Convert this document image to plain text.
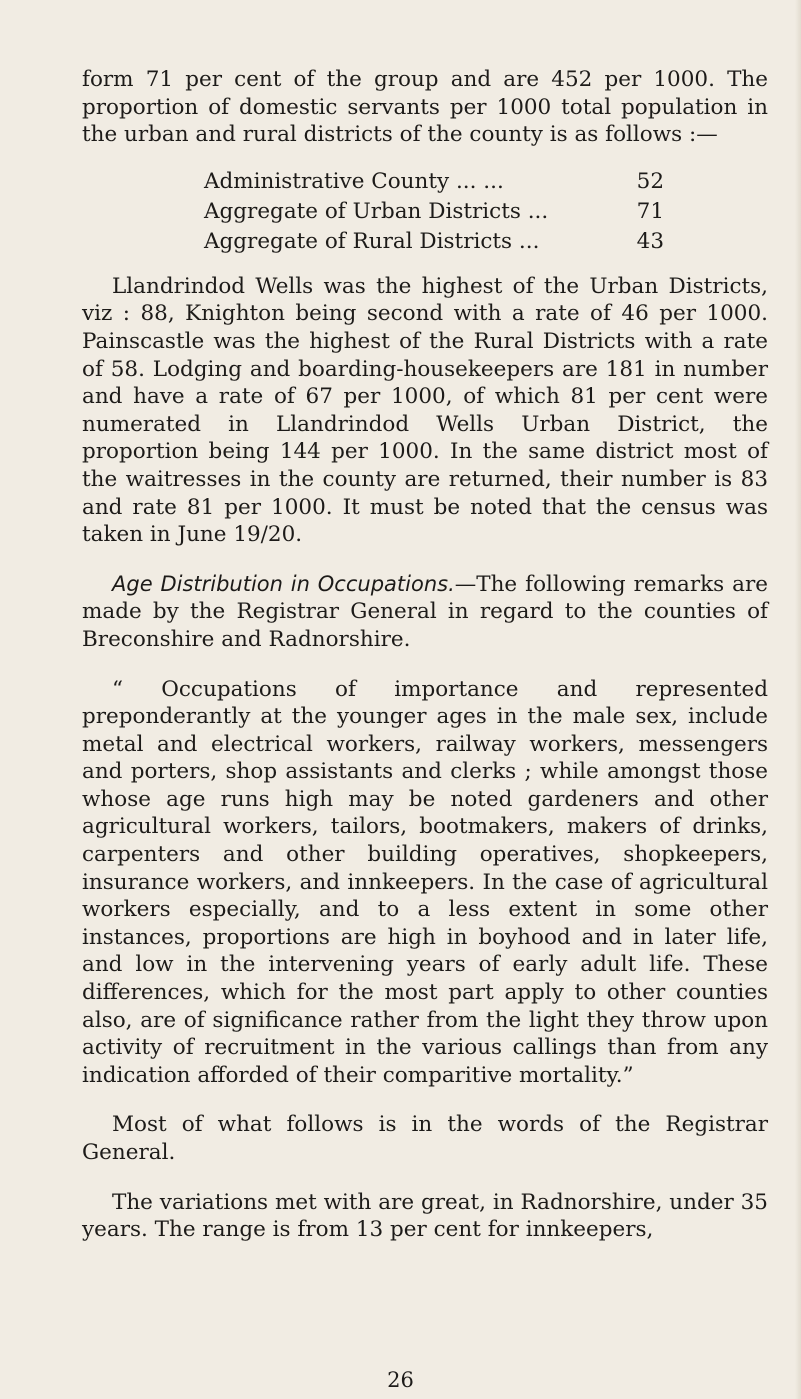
form 71 per cent of the group and are 452 per 1000. The proportion of domestic servants per 1000 total population in the urban and rural districts of the county is as follows :—

Administrative County ... ...	52
Aggregate of Urban Districts ...	71
Aggregate of Rural Districts ...	43

Llandrindod Wells was the highest of the Urban Districts, viz : 88, Knighton being second with a rate of 46 per 1000. Painscastle was the highest of the Rural Districts with a rate of 58. Lodging and boarding-housekeepers are 181 in number and have a rate of 67 per 1000, of which 81 per cent were numerated in Llandrindod Wells Urban District, the proportion being 144 per 1000. In the same district most of the waitresses in the county are returned, their number is 83 and rate 81 per 1000. It must be noted that the census was taken in June 19/20.

Age Distribution in Occupations.—The following remarks are made by the Registrar General in regard to the counties of Breconshire and Radnorshire.

“ Occupations of importance and represented preponderantly at the younger ages in the male sex, include metal and electrical workers, railway workers, messengers and porters, shop assistants and clerks ; while amongst those whose age runs high may be noted gardeners and other agricultural workers, tailors, bootmakers, makers of drinks, carpenters and other building operatives, shopkeepers, insurance workers, and innkeepers. In the case of agricultural workers especially, and to a less extent in some other instances, proportions are high in boyhood and in later life, and low in the intervening years of early adult life. These differences, which for the most part apply to other counties also, are of significance rather from the light they throw upon activity of recruitment in the various callings than from any indication afforded of their comparitive mortality.”

Most of what follows is in the words of the Registrar General.

The variations met with are great, in Radnorshire, under 35 years. The range is from 13 per cent for innkeepers,

26
